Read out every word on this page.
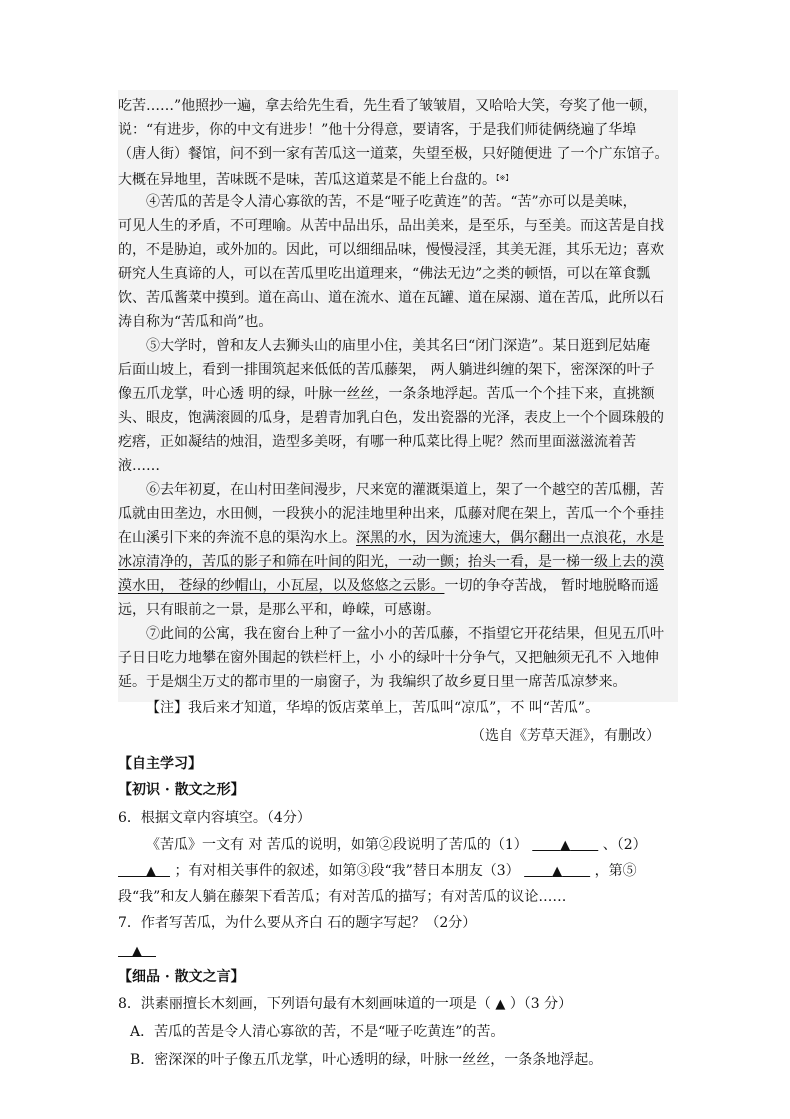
吃苦……”他照抄一遍，拿去给先生看，先生看了皱皱眉，又哈哈大笑，夸奖了他一顿，
说：“有进步，你的中文有进步！”他十分得意，要请客，于是我们师徒俩绕遍了华埠
（唐人街）餐馆，问不到一家有苦瓜这一道菜，失望至极，只好随便进 了一个广东馆子。
大概在异地里，苦味既不是味，苦瓜这道菜是不能上台盘的。【※】
④苦瓜的苦是令人清心寡欲的苦，不是“哑子吃黄连”的苦。“苦”亦可以是美味，
可见人生的矛盾，不可理喻。从苦中品出乐，品出美来，是至乐，与至美。而这苦是自找
的，不是胁迫，或外加的。因此，可以细细品味，慢慢浸淫，其美无涯，其乐无边；喜欢
研究人生真谛的人，可以在苦瓜里吃出道理来，“佛法无边”之类的顿悟，可以在箪食瓢
饮、苦瓜酱菜中摸到。道在高山、道在流水、道在瓦罐、道在屎溺、道在苦瓜，此所以石
涛自称为“苦瓜和尚”也。
⑤大学时，曾和友人去狮头山的庙里小住，美其名曰“闭门深造”。某日逛到尼姑庵
后面山坡上，看到一排围筑起来低低的苦瓜藤架， 两人躺进纠缠的架下，密深深的叶子
像五爪龙掌，叶心透 明的绿，叶脉一丝丝，一条条地浮起。苦瓜一个个挂下来，直挑额
头、眼皮，饱满滚圆的瓜身，是碧青加乳白色，发出瓷器的光泽，表皮上一个个圆珠般的
疙瘩，正如凝结的烛泪，造型多美呀，有哪一种瓜菜比得上呢？然而里面滋滋流着苦
液……
⑥去年初夏，在山村田垄间漫步，尺来宽的灌溉渠道上，架了一个越空的苦瓜棚，苦
瓜就由田垄边，水田侧，一段狭小的泥洼地里种出来，瓜藤对爬在架上，苦瓜一个个垂挂
在山溪引下来的奔流不息的渠沟水上。深黑的水，因为流速大，偶尔翻出一点浪花，水是
冰凉清净的，苦瓜的影子和筛在叶间的阳光，一动一颤；抬头一看，是一梯一级上去的漠
漠水田， 苍绿的纱帽山，小瓦屋，以及悠悠之云影。一切的争夺苦战， 暂时地脱略而遥
远，只有眼前之一景，是那么平和，峥嵘，可感谢。
⑦此间的公寓，我在窗台上种了一盆小小的苦瓜藤，不指望它开花结果，但见五爪叶
子日日吃力地攀在窗外围起的铁栏杆上，小 小的绿叶十分争气，又把触须无孔不 入地伸
延。于是烟尘万丈的都市里的一扇窗子，为 我编织了故乡夏日里一席苦瓜凉梦来。
【注】我后来才知道，华埠的饭店菜单上，苦瓜叫“凉瓜”，不 叫“苦瓜”。
（选自《芳草天涯》，有删改）
【自主学习】
【初识 · 散文之形】
6．根据文章内容填空。（4分）
《苦瓜》一文有 对 苦瓜的说明，如第②段说明了苦瓜的（1）    ▲   、（2）
  ▲  ；有对相关事件的叙述，如第③段“我”替日本朋友（3）    ▲   ，第⑤
段“我”和友人躺在藤架下看苦瓜；有对苦瓜的描写；有对苦瓜的议论……
7．作者写苦瓜，为什么要从齐白 石的题字写起？（2分）
 ▲ 
【细品 · 散文之言】
8．洪素丽擅长木刻画，下列语句最有木刻画味道的一项是（ ▲ ）（3 分）
A．苦瓜的苦是令人清心寡欲的苦，不是“哑子吃黄连”的苦。
B．密深深的叶子像五爪龙掌，叶心透明的绿，叶脉一丝丝，一条条地浮起。
